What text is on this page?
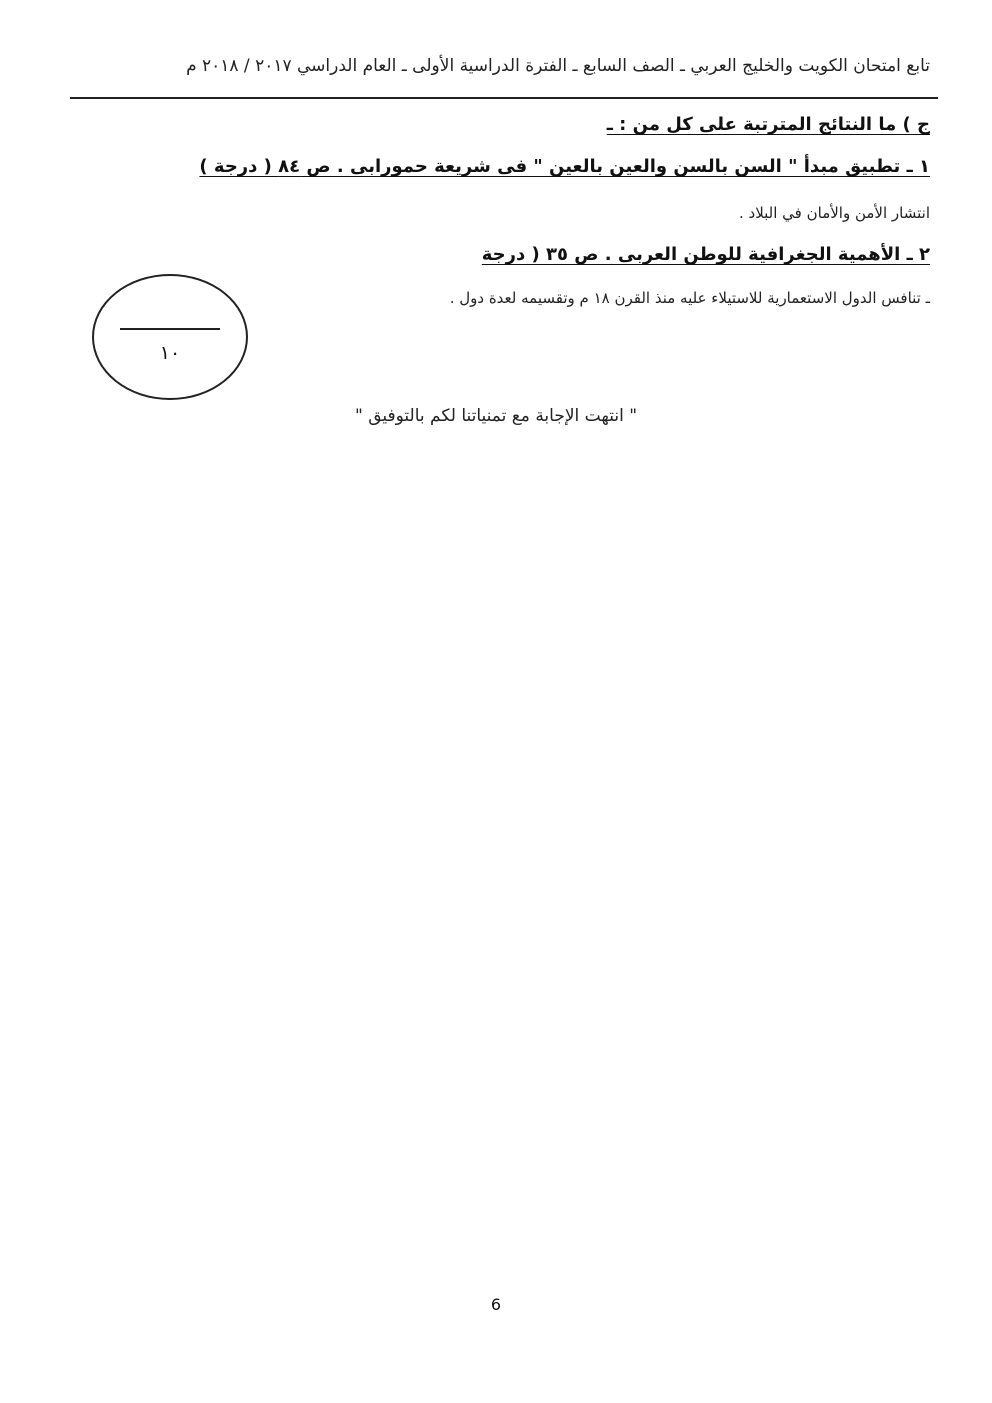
تابع امتحان الكويت والخليج العربي ـ الصف السابع ـ الفترة الدراسية الأولى ـ العام الدراسي ٢٠١٧ / ٢٠١٨ م
ج ) ما النتائج المترتبة على كل من : ـ
١ ـ تطبيق مبدأ " السن بالسن والعين بالعين " فى شريعة حمورابى . ص ٨٤ ( درجة )
انتشار الأمن والأمان في البلاد .
٢ ـ الأهمية الجغرافية للوطن العربى . ص ٣٥ ( درجة
ـ تنافس الدول الاستعمارية للاستيلاء عليه منذ القرن ١٨ م وتقسيمه لعدة دول .
١٠
" انتهت الإجابة مع تمنياتنا لكم بالتوفيق "
6
